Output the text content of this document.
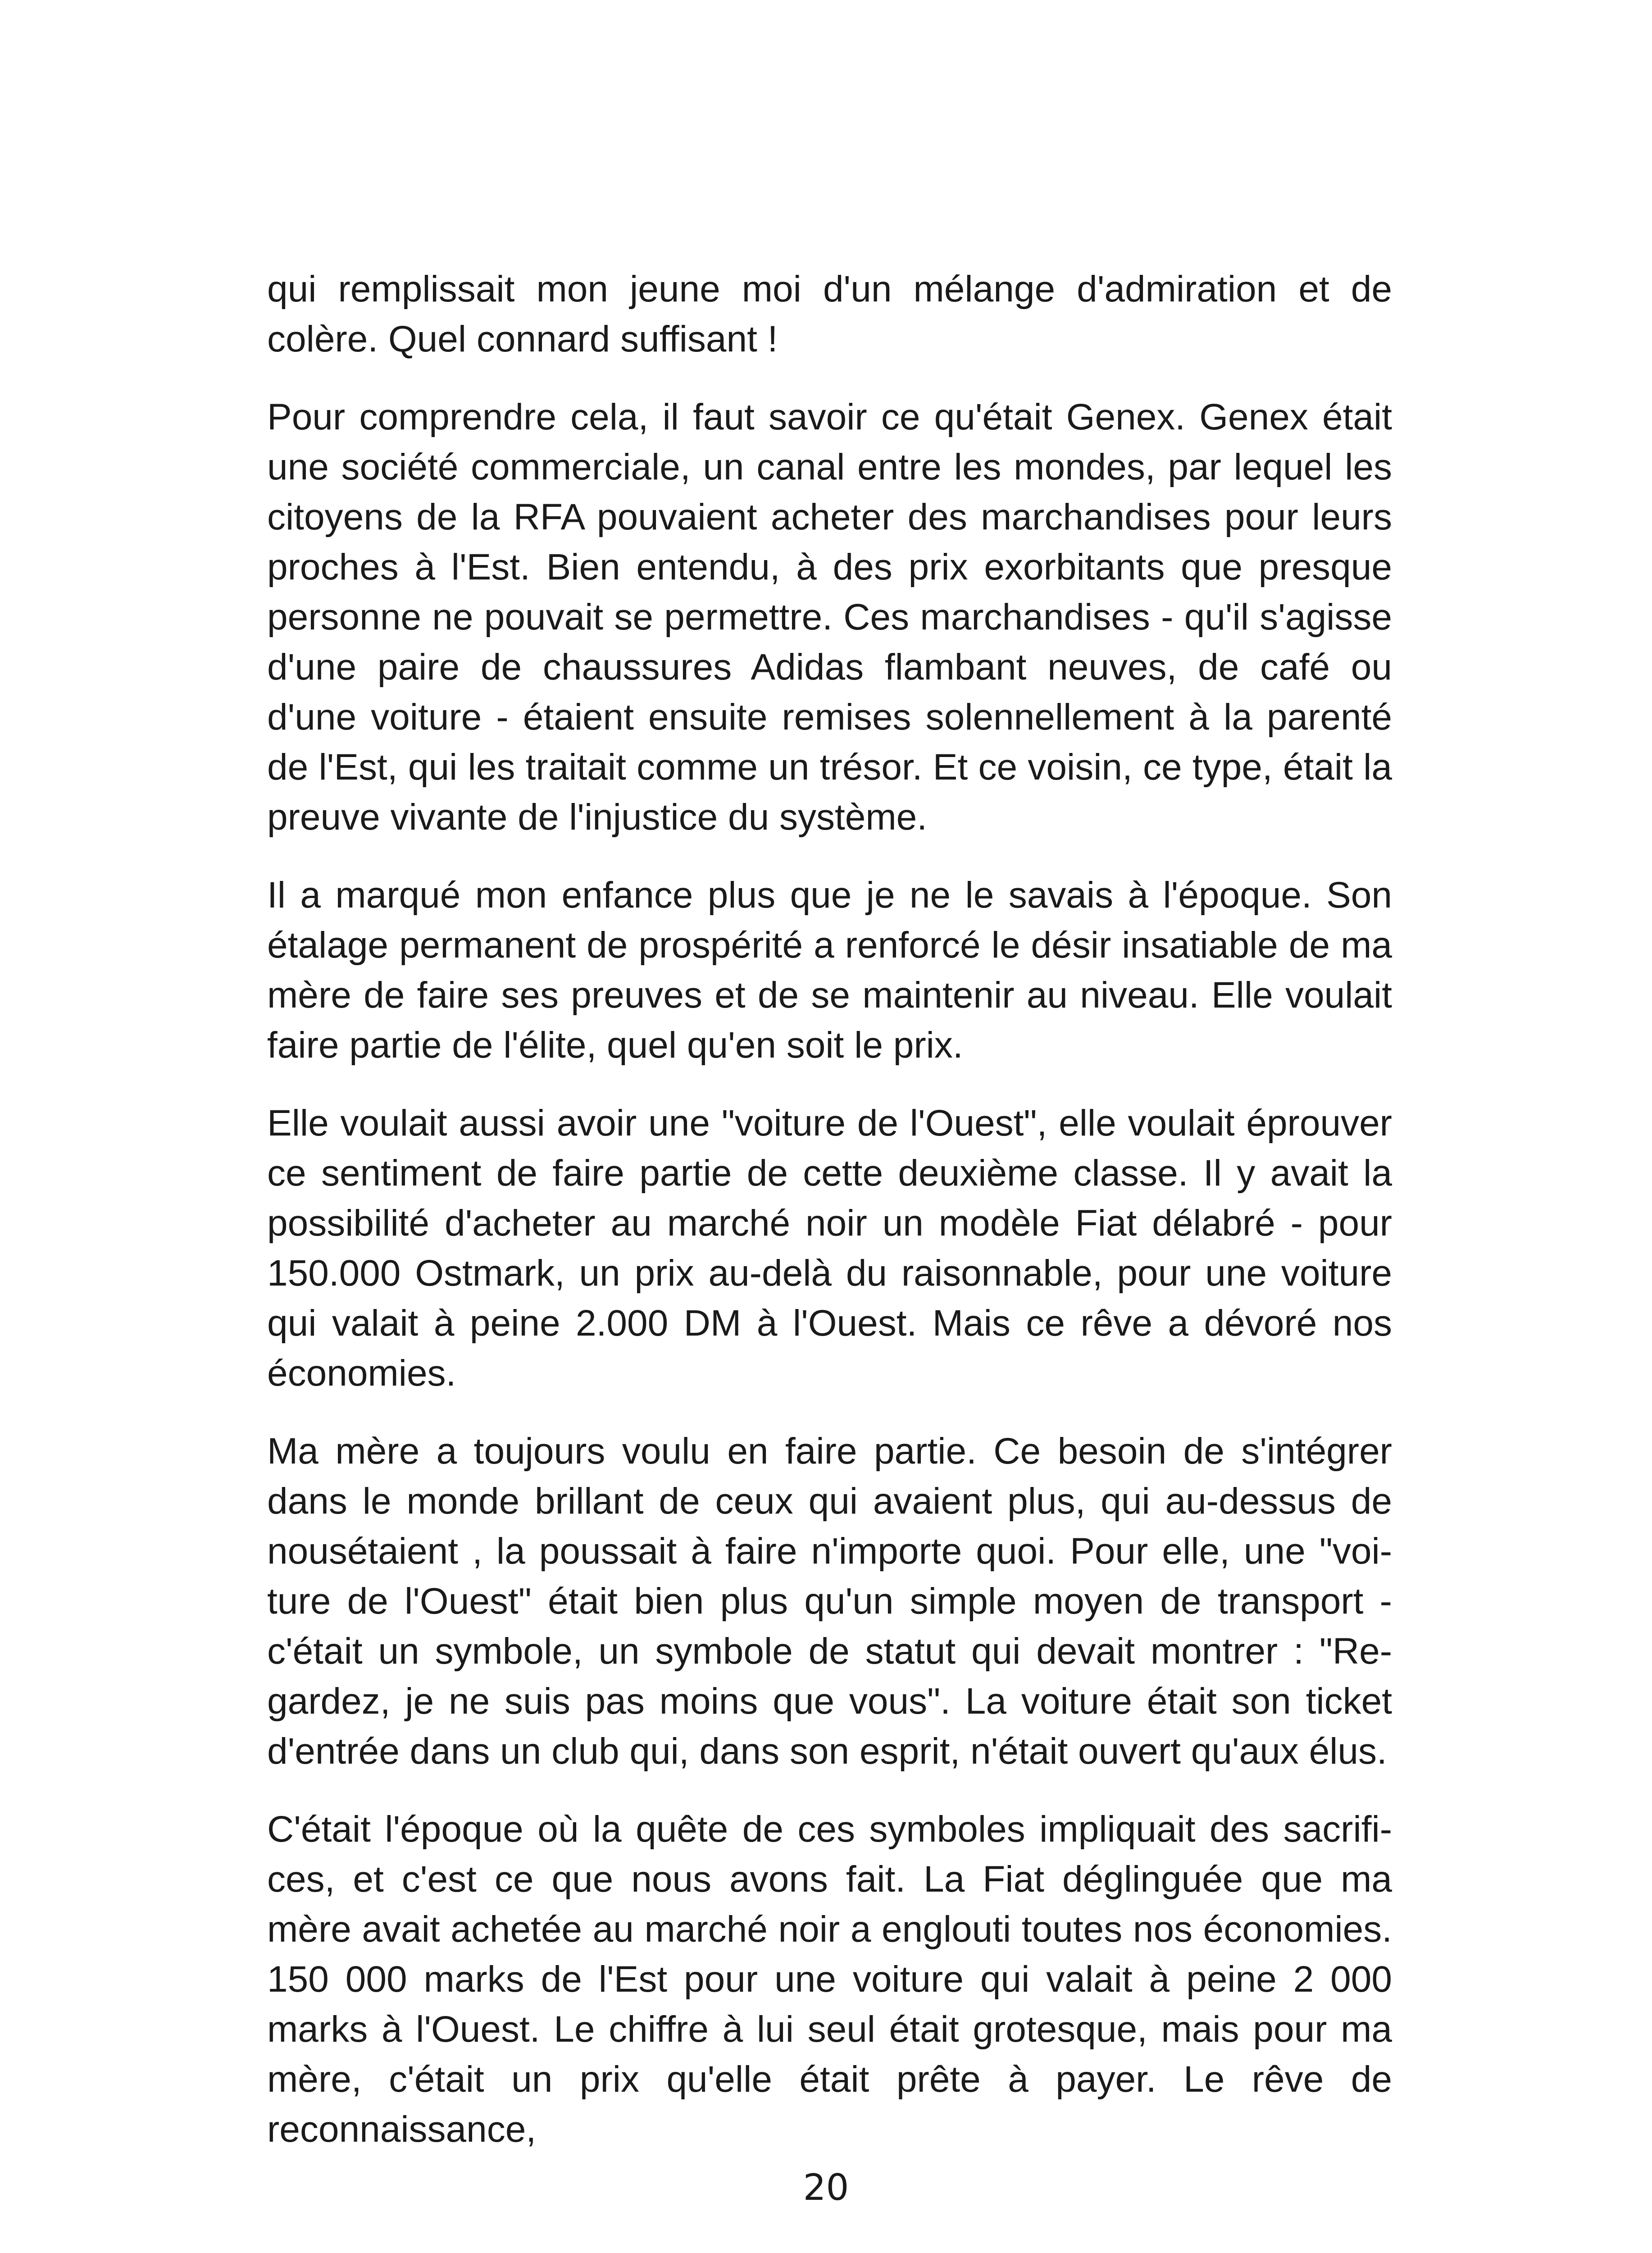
qui remplissait mon jeune moi d'un mélange d'admiration et de colère. Quel connard suffisant !

Pour comprendre cela, il faut savoir ce qu'était Genex. Genex était une société commerciale, un canal entre les mondes, par lequel les citoyens de la RFA pouvaient acheter des marchandises pour leurs proches à l'Est. Bien entendu, à des prix exorbitants que presque personne ne pouvait se permettre. Ces marchandises - qu'il s'agisse d'une paire de chaussures Adidas flambant neuves, de café ou d'une voiture - étaient ensuite remises solennellement à la parenté de l'Est, qui les traitait comme un trésor. Et ce voisin, ce type, était la preuve vivante de l'injustice du système.

Il a marqué mon enfance plus que je ne le savais à l'époque. Son étalage permanent de prospérité a renforcé le désir insatiable de ma mère de faire ses preuves et de se maintenir au niveau. Elle voulait faire partie de l'élite, quel qu'en soit le prix.

Elle voulait aussi avoir une "voiture de l'Ouest", elle voulait éprouver ce sentiment de faire partie de cette deuxième classe. Il y avait la possibilité d'acheter au marché noir un modèle Fiat délabré - pour 150.000 Ostmark, un prix au-delà du raisonnable, pour une voiture qui valait à peine 2.000 DM à l'Ouest. Mais ce rêve a dévoré nos économies.

Ma mère a toujours voulu en faire partie. Ce besoin de s'intégrer dans le monde brillant de ceux qui avaient plus, qui au-dessus de nousétaient , la poussait à faire n'importe quoi. Pour elle, une "voi-ture de l'Ouest" était bien plus qu'un simple moyen de transport - c'était un symbole, un symbole de statut qui devait montrer : "Re-gardez, je ne suis pas moins que vous". La voiture était son ticket d'entrée dans un club qui, dans son esprit, n'était ouvert qu'aux élus.

C'était l'époque où la quête de ces symboles impliquait des sacrifi-ces, et c'est ce que nous avons fait. La Fiat déglinguée que ma mère avait achetée au marché noir a englouti toutes nos économies. 150 000 marks de l'Est pour une voiture qui valait à peine 2 000 marks à l'Ouest. Le chiffre à lui seul était grotesque, mais pour ma mère, c'était un prix qu'elle était prête à payer. Le rêve de reconnaissance,

20
